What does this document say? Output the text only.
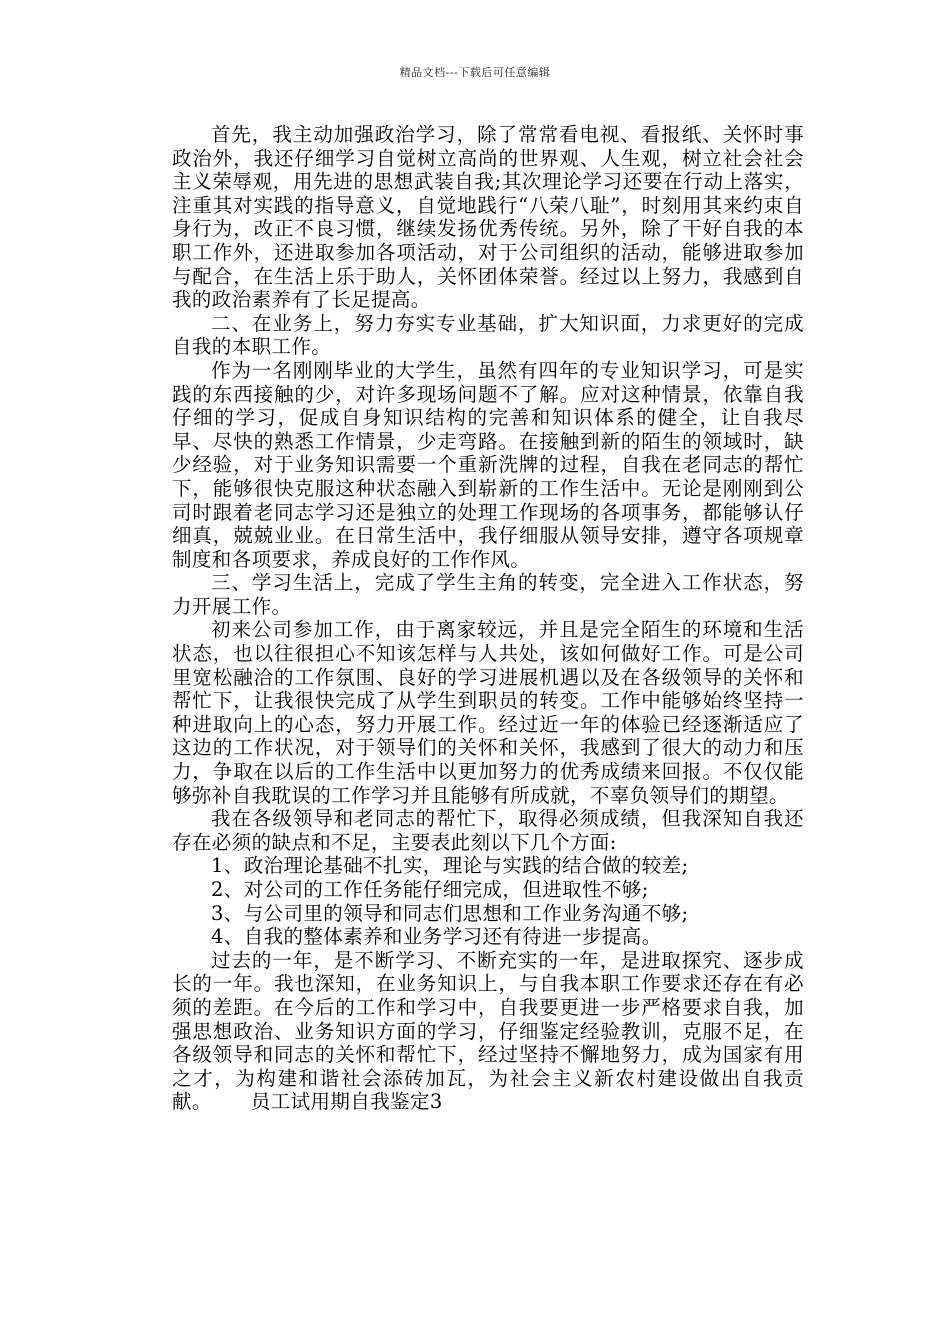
精品文档---下载后可任意编辑

首先，我主动加强政治学习，除了常常看电视、看报纸、关怀时事政治外，我还仔细学习自觉树立高尚的世界观、人生观，树立社会社会主义荣辱观，用先进的思想武装自我;其次理论学习还要在行动上落实，注重其对实践的指导意义，自觉地践行“八荣八耻”，时刻用其来约束自身行为，改正不良习惯，继续发扬优秀传统。另外，除了干好自我的本职工作外，还进取参加各项活动，对于公司组织的活动，能够进取参加与配合，在生活上乐于助人，关怀团体荣誉。经过以上努力，我感到自我的政治素养有了长足提高。

二、在业务上，努力夯实专业基础，扩大知识面，力求更好的完成自我的本职工作。

作为一名刚刚毕业的大学生，虽然有四年的专业知识学习，可是实践的东西接触的少，对许多现场问题不了解。应对这种情景，依靠自我仔细的学习，促成自身知识结构的完善和知识体系的健全，让自我尽早、尽快的熟悉工作情景，少走弯路。在接触到新的陌生的领域时，缺少经验，对于业务知识需要一个重新洗牌的过程，自我在老同志的帮忙下，能够很快克服这种状态融入到崭新的工作生活中。无论是刚刚到公司时跟着老同志学习还是独立的处理工作现场的各项事务，都能够认仔细真，兢兢业业。在日常生活中，我仔细服从领导安排，遵守各项规章制度和各项要求，养成良好的工作作风。

三、学习生活上，完成了学生主角的转变，完全进入工作状态，努力开展工作。

初来公司参加工作，由于离家较远，并且是完全陌生的环境和生活状态，也以往很担心不知该怎样与人共处，该如何做好工作。可是公司里宽松融洽的工作氛围、良好的学习进展机遇以及在各级领导的关怀和帮忙下，让我很快完成了从学生到职员的转变。工作中能够始终坚持一种进取向上的心态，努力开展工作。经过近一年的体验已经逐渐适应了这边的工作状况，对于领导们的关怀和关怀，我感到了很大的动力和压力，争取在以后的工作生活中以更加努力的优秀成绩来回报。不仅仅能够弥补自我耽误的工作学习并且能够有所成就，不辜负领导们的期望。

我在各级领导和老同志的帮忙下，取得必须成绩，但我深知自我还存在必须的缺点和不足，主要表此刻以下几个方面:

1、政治理论基础不扎实，理论与实践的结合做的较差;

2、对公司的工作任务能仔细完成，但进取性不够;

3、与公司里的领导和同志们思想和工作业务沟通不够;

4、自我的整体素养和业务学习还有待进一步提高。

过去的一年，是不断学习、不断充实的一年，是进取探究、逐步成长的一年。我也深知，在业务知识上，与自我本职工作要求还存在有必须的差距。在今后的工作和学习中，自我要更进一步严格要求自我，加强思想政治、业务知识方面的学习，仔细鉴定经验教训，克服不足，在各级领导和同志的关怀和帮忙下，经过坚持不懈地努力，成为国家有用之才，为构建和谐社会添砖加瓦，为社会主义新农村建设做出自我贡献。 员工试用期自我鉴定3
